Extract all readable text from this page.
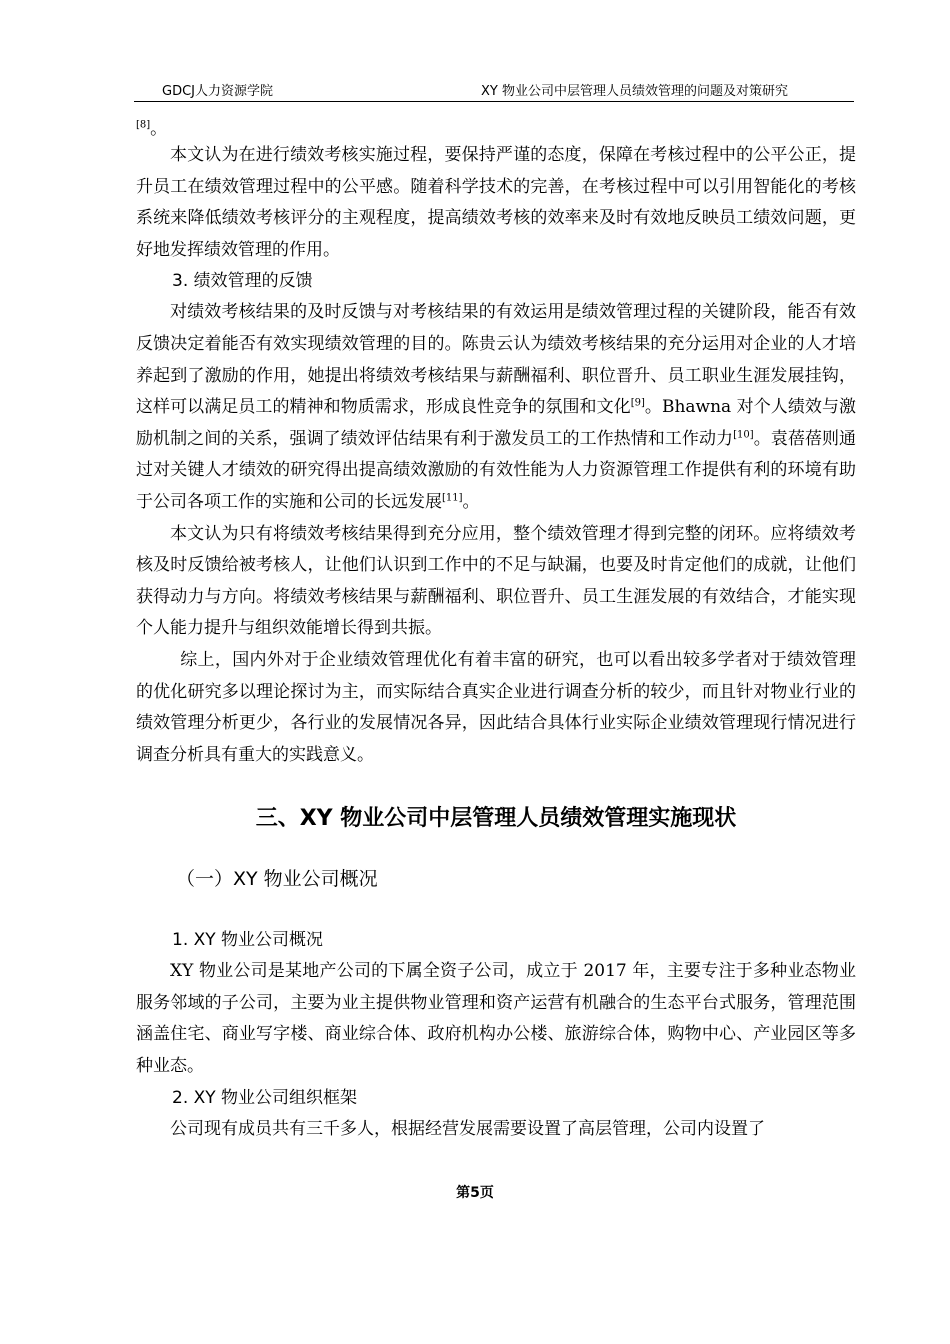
GDCJ人力资源学院	XY 物业公司中层管理人员绩效管理的问题及对策研究
[8]。

本文认为在进行绩效考核实施过程，要保持严谨的态度，保障在考核过程中的公平公正，提升员工在绩效管理过程中的公平感。随着科学技术的完善，在考核过程中可以引用智能化的考核系统来降低绩效考核评分的主观程度，提高绩效考核的效率来及时有效地反映员工绩效问题，更好地发挥绩效管理的作用。

3. 绩效管理的反馈

对绩效考核结果的及时反馈与对考核结果的有效运用是绩效管理过程的关键阶段，能否有效反馈决定着能否有效实现绩效管理的目的。陈贵云认为绩效考核结果的充分运用对企业的人才培养起到了激励的作用，她提出将绩效考核结果与薪酬福利、职位晋升、员工职业生涯发展挂钩，这样可以满足员工的精神和物质需求，形成良性竞争的氛围和文化[9]。Bhawna 对个人绩效与激励机制之间的关系，强调了绩效评估结果有利于激发员工的工作热情和工作动力[10]。袁蓓蓓则通过对关键人才绩效的研究得出提高绩效激励的有效性能为人力资源管理工作提供有利的环境有助于公司各项工作的实施和公司的长远发展[11]。

本文认为只有将绩效考核结果得到充分应用，整个绩效管理才得到完整的闭环。应将绩效考核及时反馈给被考核人，让他们认识到工作中的不足与缺漏，也要及时肯定他们的成就，让他们获得动力与方向。将绩效考核结果与薪酬福利、职位晋升、员工生涯发展的有效结合，才能实现个人能力提升与组织效能增长得到共振。

综上，国内外对于企业绩效管理优化有着丰富的研究，也可以看出较多学者对于绩效管理的优化研究多以理论探讨为主，而实际结合真实企业进行调查分析的较少，而且针对物业行业的绩效管理分析更少，各行业的发展情况各异，因此结合具体行业实际企业绩效管理现行情况进行调查分析具有重大的实践意义。

三、XY 物业公司中层管理人员绩效管理实施现状
（一）XY 物业公司概况
1. XY 物业公司概况

XY 物业公司是某地产公司的下属全资子公司，成立于 2017 年，主要专注于多种业态物业服务邻域的子公司，主要为业主提供物业管理和资产运营有机融合的生态平台式服务，管理范围涵盖住宅、商业写字楼、商业综合体、政府机构办公楼、旅游综合体，购物中心、产业园区等多种业态。

2. XY 物业公司组织框架

公司现有成员共有三千多人，根据经营发展需要设置了高层管理，公司内设置了

第5页
